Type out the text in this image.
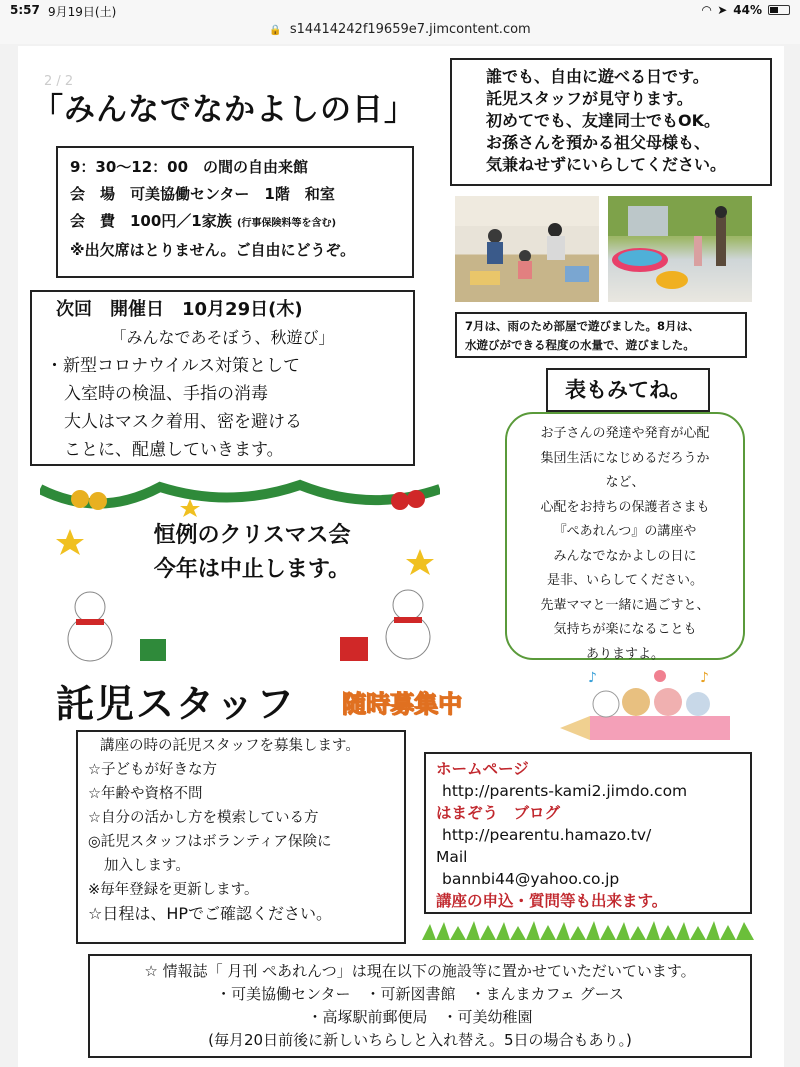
5:57 9月19日(土)	◠ ➤ 44%
🔒 s14414242f19659e7.jimcontent.com
2 / 2
「みんなでなかよしの日」
9：30～12：00　の間の自由来館
会　場　可美協働センター　1階　和室
会　費　100円／1家族 (行事保険料等を含む)
※出欠席はとりません。ご自由にどうぞ。
誰でも、自由に遊べる日です。
託児スタッフが見守ります。
初めてでも、友達同士でもOK。
お孫さんを預かる祖父母様も、
気兼ねせずにいらしてください。
7月は、雨のため部屋で遊びました。8月は、
水遊びができる程度の水量で、遊びました。
次回　開催日　10月29日(木)
「みんなであそぼう、秋遊び」
・新型コロナウイルス対策として
入室時の検温、手指の消毒
大人はマスク着用、密を避ける
ことに、配慮していきます。
表もみてね。
お子さんの発達や発育が心配
集団生活になじめるだろうか
など、
心配をお持ちの保護者さまも
『ぺあれんつ』の講座や
みんなでなかよしの日に
是非、いらしてください。
先輩ママと一緒に過ごすと、
気持ちが楽になることも
ありますよ。
恒例のクリスマス会
今年は中止します。
託児スタッフ 随時募集中
♪	♪
講座の時の託児スタッフを募集します。
☆子どもが好きな方
☆年齢や資格不問
☆自分の活かし方を模索している方
◎託児スタッフはボランティア保険に
加入します。
※毎年登録を更新します。
☆日程は、HPでご確認ください。
ホームページ
http://parents-kami2.jimdo.com
はまぞう　ブログ
http://pearentu.hamazo.tv/
Mail
bannbi44@yahoo.co.jp
講座の申込・質問等も出来ます。
☆ 情報誌「 月刊 ぺあれんつ」は現在以下の施設等に置かせていただいています。
・可美協働センター　・可新図書館　・まんまカフェ グース
・高塚駅前郵便局　・可美幼稚園
(毎月20日前後に新しいちらしと入れ替え。5日の場合もあり。)
